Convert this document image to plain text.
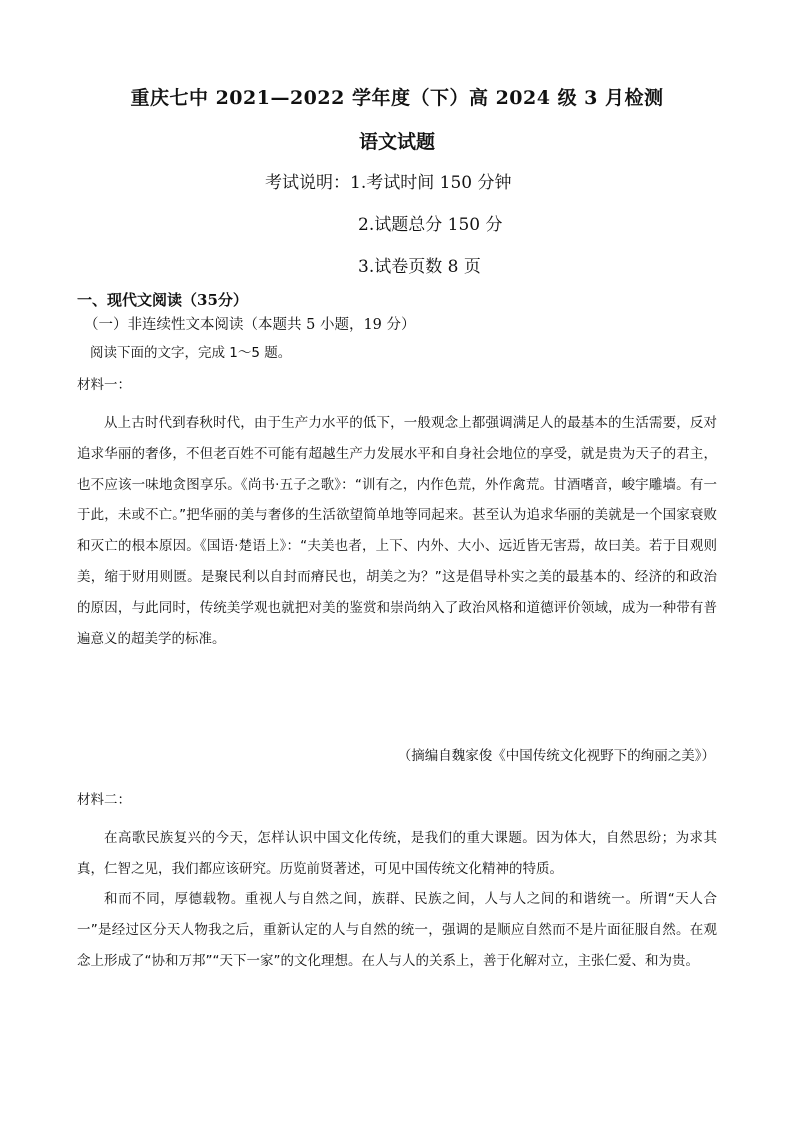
重庆七中 2021—2022 学年度（下）高 2024 级 3 月检测
语文试题
考试说明：1.考试时间 150 分钟
2.试题总分 150 分
3.试卷页数 8 页
一、现代文阅读（35分）
（一）非连续性文本阅读（本题共 5 小题，19 分）
阅读下面的文字，完成 1～5 题。
材料一：
从上古时代到春秋时代，由于生产力水平的低下，一般观念上都强调满足人的最基本的生活需要，反对追求华丽的奢侈，不但老百姓不可能有超越生产力发展水平和自身社会地位的享受，就是贵为天子的君主，也不应该一味地贪图享乐。《尚书·五子之歌》：“训有之，内作色荒，外作禽荒。甘酒嗜音，峻宇雕墙。有一于此，未或不亡。”把华丽的美与奢侈的生活欲望简单地等同起来。甚至认为追求华丽的美就是一个国家衰败和灭亡的根本原因。《国语·楚语上》：“夫美也者，上下、内外、大小、远近皆无害焉，故曰美。若于目观则美，缩于财用则匮。是聚民利以自封而瘠民也，胡美之为？”这是倡导朴实之美的最基本的、经济的和政治的原因，与此同时，传统美学观也就把对美的鉴赏和崇尚纳入了政治风格和道德评价领域，成为一种带有普遍意义的超美学的标准。
（摘编自魏家俊《中国传统文化视野下的绚丽之美》）
材料二：
在高歌民族复兴的今天，怎样认识中国文化传统，是我们的重大课题。因为体大，自然思纷；为求其真，仁智之见，我们都应该研究。历览前贤著述，可见中国传统文化精神的特质。
和而不同，厚德载物。重视人与自然之间，族群、民族之间，人与人之间的和谐统一。所谓“天人合一”是经过区分天人物我之后，重新认定的人与自然的统一，强调的是顺应自然而不是片面征服自然。在观念上形成了“协和万邦”“天下一家”的文化理想。在人与人的关系上，善于化解对立，主张仁爱、和为贵。
